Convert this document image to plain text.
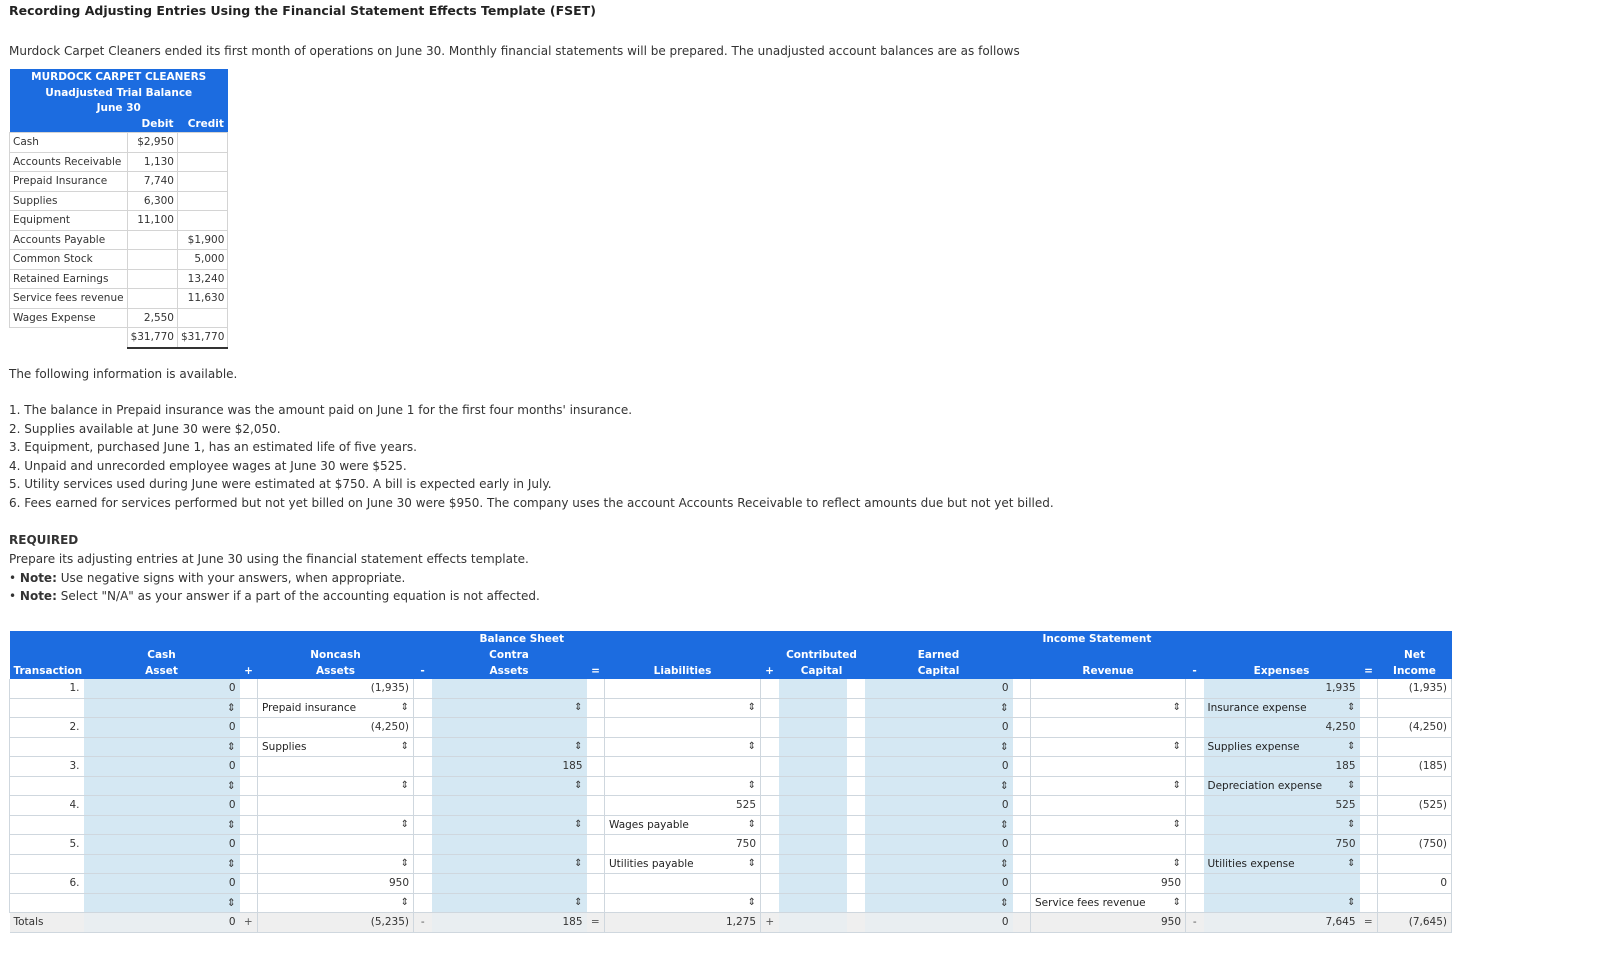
Recording Adjusting Entries Using the Financial Statement Effects Template (FSET)
Murdock Carpet Cleaners ended its first month of operations on June 30. Monthly financial statements will be prepared. The unadjusted account balances are as follows
MURDOCK CARPET CLEANERS		
Unadjusted Trial Balance		
June 30		
	Debit	Credit
Cash	$2,950	
Accounts Receivable	1,130	
Prepaid Insurance	7,740	
Supplies	6,300	
Equipment	11,100	
Accounts Payable		$1,900
Common Stock		5,000
Retained Earnings		13,240
Service fees revenue		11,630
Wages Expense	2,550	
	$31,770	$31,770
The following information is available.
1. The balance in Prepaid insurance was the amount paid on June 1 for the first four months' insurance.
2. Supplies available at June 30 were $2,050.
3. Equipment, purchased June 1, has an estimated life of five years.
4. Unpaid and unrecorded employee wages at June 30 were $525.
5. Utility services used during June were estimated at $750. A bill is expected early in July.
6. Fees earned for services performed but not yet billed on June 30 were $950. The company uses the account Accounts Receivable to reflect amounts due but not yet billed.
REQUIRED
Prepare its adjusting entries at June 30 using the financial statement effects template.
• Note: Use negative signs with your answers, when appropriate.
• Note: Select "N/A" as your answer if a part of the accounting equation is not affected.
Balance Sheet												Income Statement					
	Cash		Noncash		Contra				Contributed		Earned						Net
Transaction	Asset	+	Assets	-	Assets	=	Liabilities	+	Capital		Capital		Revenue	-	Expenses	=	Income
1.	0		(1,935)								0				1,935		(1,935)
	⇕		Prepaid insurance ⇕		⇕		⇕				⇕		⇕		Insurance expense ⇕		

2.	0		(4,250)								0				4,250		(4,250)
	⇕		Supplies ⇕		⇕		⇕				⇕		⇕		Supplies expense ⇕		

3.	0				185						0				185		(185)
	⇕		⇕		⇕		⇕				⇕		⇕		Depreciation expense ⇕		

4.	0						525				0				525		(525)
	⇕		⇕		⇕		Wages payable ⇕				⇕		⇕		⇕		

5.	0						750				0				750		(750)
	⇕		⇕		⇕		Utilities payable ⇕				⇕		⇕		Utilities expense ⇕		

6.	0		950								0		950				0
	⇕		⇕		⇕		⇕				⇕		Service fees revenue ⇕		⇕		

Totals	0	+	(5,235)	-	185	=	1,275	+			0		950	-	7,645	=	(7,645)
